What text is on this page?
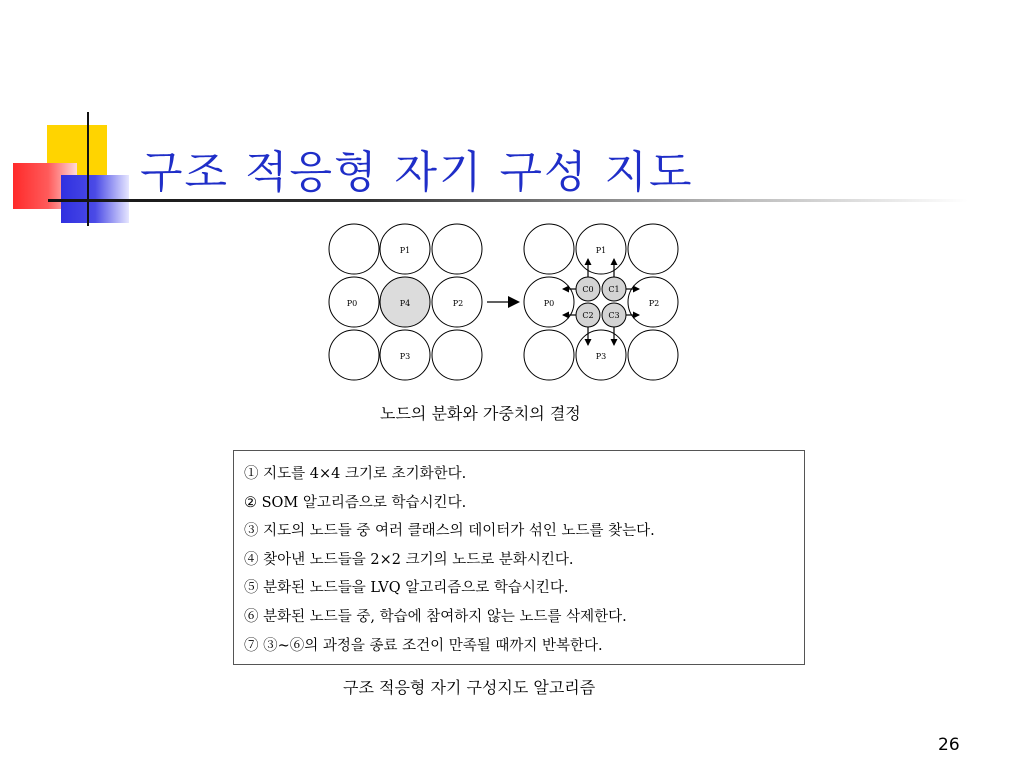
구조 적응형 자기 구성 지도
P1
P0	P4	P2
P3
P1
P0	P2
P3
C0 C1
C2 C3

노드의 분화와 가중치의 결정

① 지도를 4×4 크기로 초기화한다.
② SOM 알고리즘으로 학습시킨다.
③ 지도의 노드들 중 여러 클래스의 데이터가 섞인 노드를 찾는다.
④ 찾아낸 노드들을 2×2 크기의 노드로 분화시킨다.
⑤ 분화된 노드들을 LVQ 알고리즘으로 학습시킨다.
⑥ 분화된 노드들 중, 학습에 참여하지 않는 노드를 삭제한다.
⑦ ③~⑥의 과정을 종료 조건이 만족될 때까지 반복한다.

구조 적응형 자기 구성지도 알고리즘

26
